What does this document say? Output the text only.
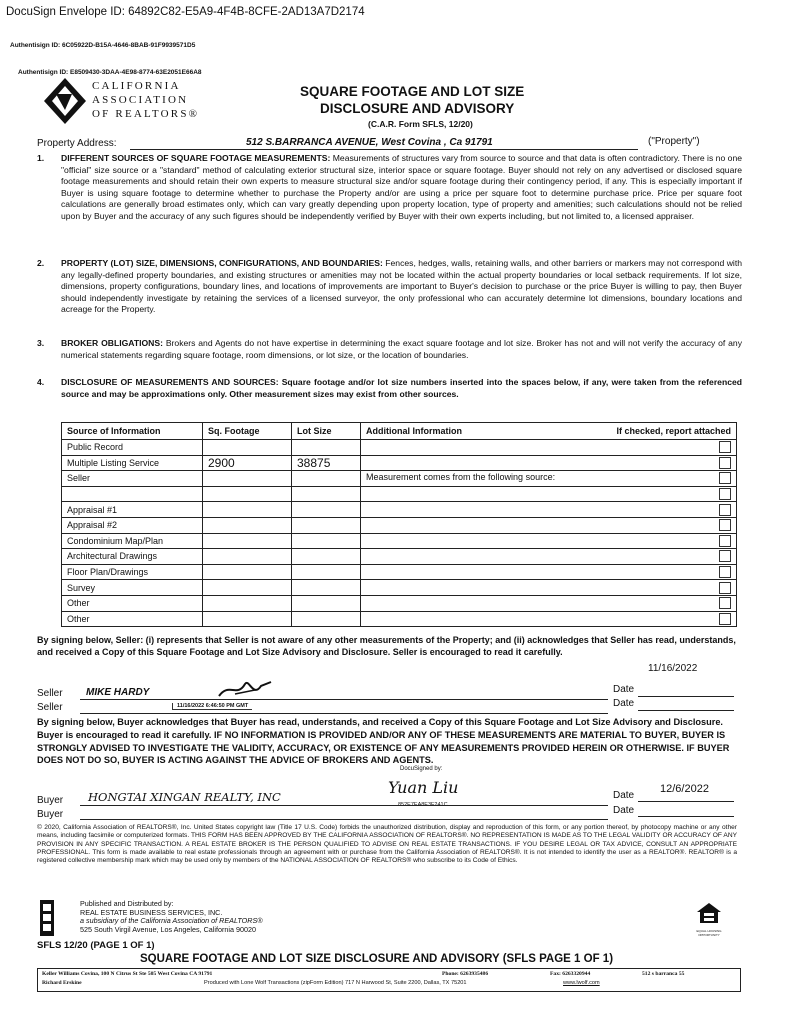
DocuSign Envelope ID: 64892C82-E5A9-4F4B-8CFE-2AD13A7D2174
Authentisign ID: 6C05922D-B15A-4646-8BAB-91F9939571D5
Authentisign ID: E8509430-3DAA-4E98-8774-63E2051E66A8
CALIFORNIA
ASSOCIATION
OF REALTORS®
SQUARE FOOTAGE AND LOT SIZE
DISCLOSURE AND ADVISORY
(C.A.R. Form SFLS, 12/20)
Property Address:	512 S.BARRANCA AVENUE, West Covina , Ca 91791	("Property")
1. DIFFERENT SOURCES OF SQUARE FOOTAGE MEASUREMENTS: Measurements of structures vary from source to source and that data is often contradictory. There is no one "official" size source or a "standard" method of calculating exterior structural size, interior space or square footage. Buyer should not rely on any advertised or disclosed square footage measurements and should retain their own experts to measure structural size and/or square footage during their contingency period, if any. This is especially important if Buyer is using square footage to determine whether to purchase the Property and/or are using a price per square foot to determine purchase price. Price per square foot calculations are generally broad estimates only, which can vary greatly depending upon property location, type of property and amenities; such calculations should not be relied upon by Buyer and the accuracy of any such figures should be independently verified by Buyer with their own experts including, but not limited to, a licensed appraiser.
2. PROPERTY (LOT) SIZE, DIMENSIONS, CONFIGURATIONS, AND BOUNDARIES: Fences, hedges, walls, retaining walls, and other barriers or markers may not correspond with any legally-defined property boundaries, and existing structures or amenities may not be located within the actual property boundaries or local setback requirements. If lot size, dimensions, property configurations, boundary lines, and locations of improvements are important to Buyer's decision to purchase or the price Buyer is willing to pay, then Buyer should independently investigate by retaining the services of a licensed surveyor, the only professional who can accurately determine lot dimensions, boundary locations and acreage for the Property.
3. BROKER OBLIGATIONS: Brokers and Agents do not have expertise in determining the exact square footage and lot size. Broker has not and will not verify the accuracy of any numerical statements regarding square footage, room dimensions, or lot size, or the location of boundaries.
4. DISCLOSURE OF MEASUREMENTS AND SOURCES: Square footage and/or lot size numbers inserted into the spaces below, if any, were taken from the referenced source and may be approximations only. Other measurement sizes may exist from other sources.
Source of Information	Sq. Footage	Lot Size	Additional Information If checked, report attached

Public Record			

Multiple Listing Service	2900	38875	

Seller			Measurement comes from the following source:

Appraisal #1			

Appraisal #2			

Condominium Map/Plan			

Architectural Drawings			

Floor Plan/Drawings			

Survey			

Other			

Other			
By signing below, Seller: (i) represents that Seller is not aware of any other measurements of the Property; and (ii) acknowledges that Seller has read, understands, and received a Copy of this Square Footage and Lot Size Advisory and Disclosure. Seller is encouraged to read it carefully.
11/16/2022
Seller MIKE HARDY	Date
11/16/2022 6:46:50 PM GMT
Seller	Date
By signing below, Buyer acknowledges that Buyer has read, understands, and received a Copy of this Square Footage and Lot Size Advisory and Disclosure. Buyer is encouraged to read it carefully. IF NO INFORMATION IS PROVIDED AND/OR ANY OF THESE MEASUREMENTS ARE MATERIAL TO BUYER, BUYER IS STRONGLY ADVISED TO INVESTIGATE THE VALIDITY, ACCURACY, OR EXISTENCE OF ANY MEASUREMENTS PROVIDED HEREIN OR OTHERWISE. IF BUYER DOES NOT DO SO, BUYER IS ACTING AGAINST THE ADVICE OF BROKERS AND AGENTS.
DocuSigned by:
Yuan Liu
852E7EA8E3F241C...
Buyer HONGTAI XINGAN REALTY, INC	Date
12/6/2022
Buyer	Date
© 2020, California Association of REALTORS®, Inc. United States copyright law (Title 17 U.S. Code) forbids the unauthorized distribution, display and reproduction of this form, or any portion thereof, by photocopy machine or any other means, including facsimile or computerized formats. THIS FORM HAS BEEN APPROVED BY THE CALIFORNIA ASSOCIATION OF REALTORS®. NO REPRESENTATION IS MADE AS TO THE LEGAL VALIDITY OR ACCURACY OF ANY PROVISION IN ANY SPECIFIC TRANSACTION. A REAL ESTATE BROKER IS THE PERSON QUALIFIED TO ADVISE ON REAL ESTATE TRANSACTIONS. IF YOU DESIRE LEGAL OR TAX ADVICE, CONSULT AN APPROPRIATE PROFESSIONAL. This form is made available to real estate professionals through an agreement with or purchase from the California Association of REALTORS®. It is not intended to identify the user as a REALTOR®. REALTOR® is a registered collective membership mark which may be used only by members of the NATIONAL ASSOCIATION OF REALTORS® who subscribe to its Code of Ethics.
Published and Distributed by:
REAL ESTATE BUSINESS SERVICES, INC.
a subsidiary of the California Association of REALTORS®
525 South Virgil Avenue, Los Angeles, California 90020	EQUAL HOUSING OPPORTUNITY
SFLS 12/20 (PAGE 1 OF 1)
SQUARE FOOTAGE AND LOT SIZE DISCLOSURE AND ADVISORY (SFLS PAGE 1 OF 1)
Keller Williams Covina, 100 N Citrus St Ste 505 West Covina CA 91791
Richard Erskine
Phone: 6263935486	Fax: 6263320944	512 s barranca 55
Produced with Lone Wolf Transactions (zipForm Edition) 717 N Harwood St, Suite 2200, Dallas, TX 75201	www.lwolf.com
